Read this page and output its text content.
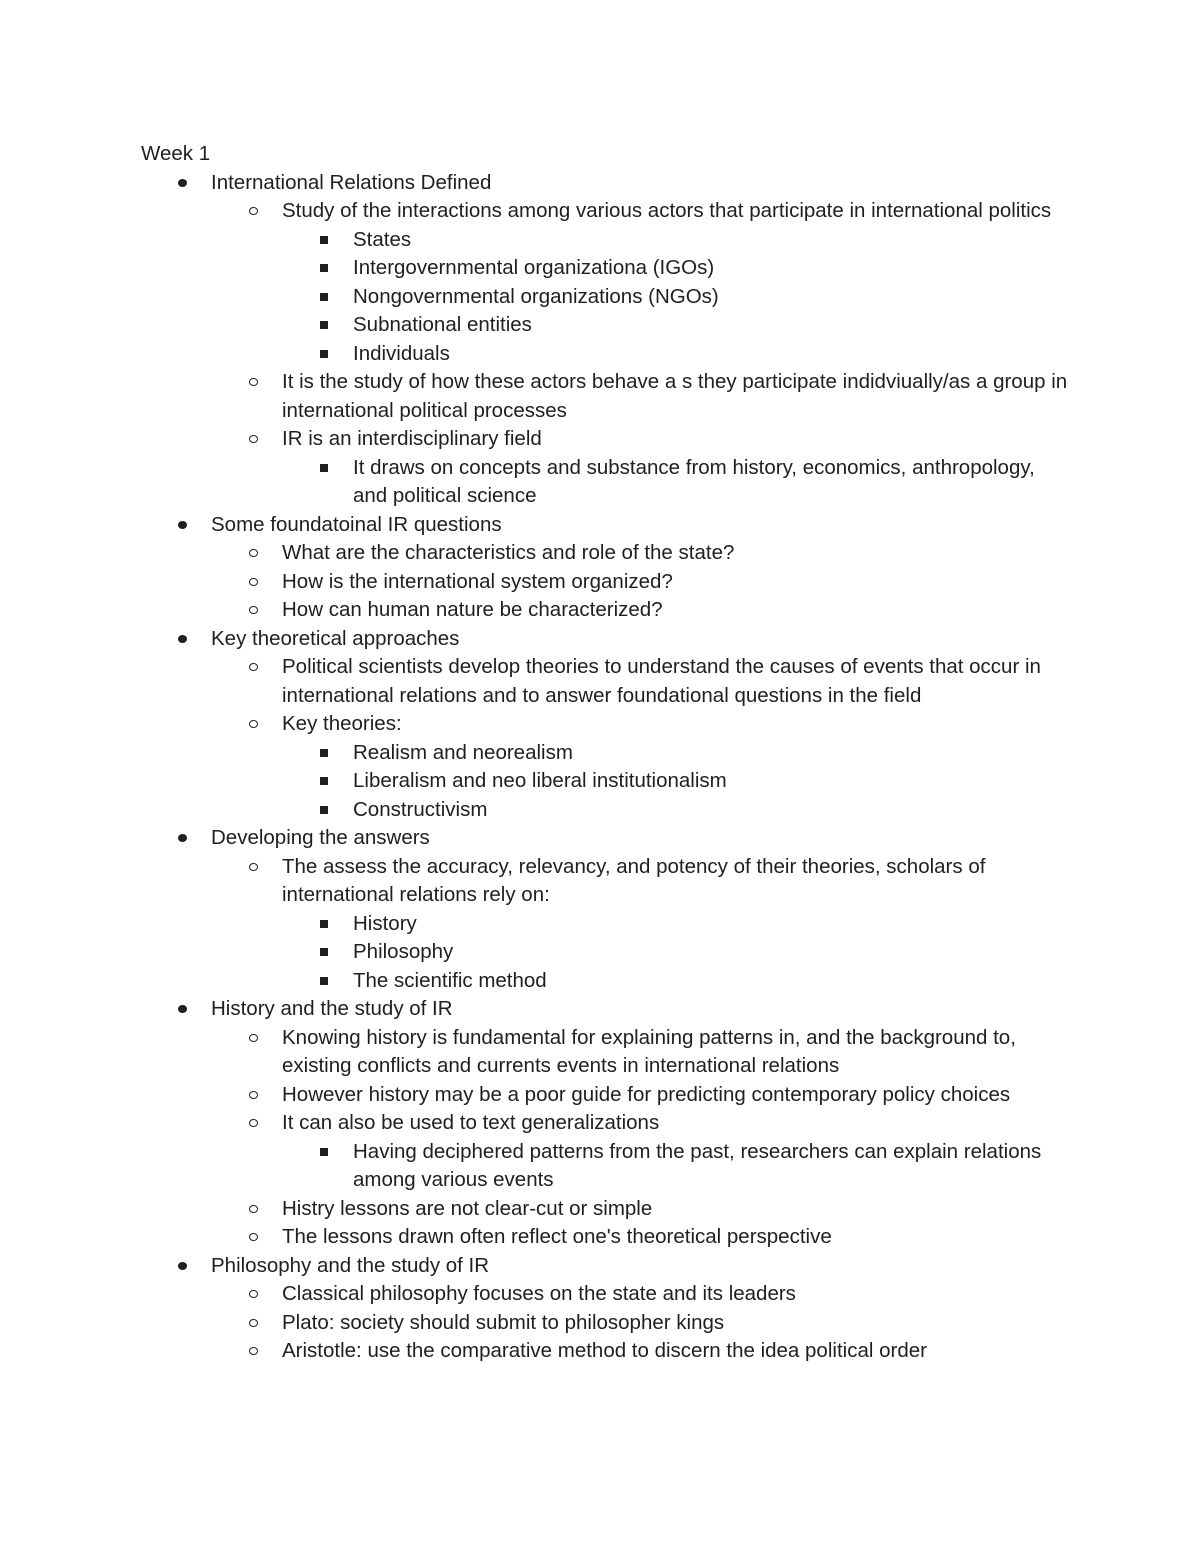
Week 1
International Relations Defined
Study of the interactions among various actors that participate in international politics
States
Intergovernmental organizationa (IGOs)
Nongovernmental organizations (NGOs)
Subnational entities
Individuals
It is the study of how these actors behave a s they participate indidviually/as a group in international political processes
IR is an interdisciplinary field
It draws on concepts and substance from history, economics, anthropology, and political science
Some foundatoinal IR questions
What are the characteristics and role of the state?
How is the international system organized?
How can human nature be characterized?
Key theoretical approaches
Political scientists develop theories to understand the causes of events that occur in international relations and to answer foundational questions in the field
Key theories:
Realism and neorealism
Liberalism and neo liberal institutionalism
Constructivism
Developing the answers
The assess the accuracy, relevancy, and potency of their theories, scholars of international relations rely on:
History
Philosophy
The scientific method
History and the study of IR
Knowing history is fundamental for explaining patterns in, and the background to, existing conflicts and currents events in international relations
However history may be a poor guide for predicting contemporary policy choices
It can also be used to text generalizations
Having deciphered patterns from the past, researchers can explain relations among various events
Histry lessons are not clear-cut or simple
The lessons drawn often reflect one's theoretical perspective
Philosophy and the study of IR
Classical philosophy focuses on the state and its leaders
Plato: society should submit to philosopher kings
Aristotle: use the comparative method to discern the idea political order
